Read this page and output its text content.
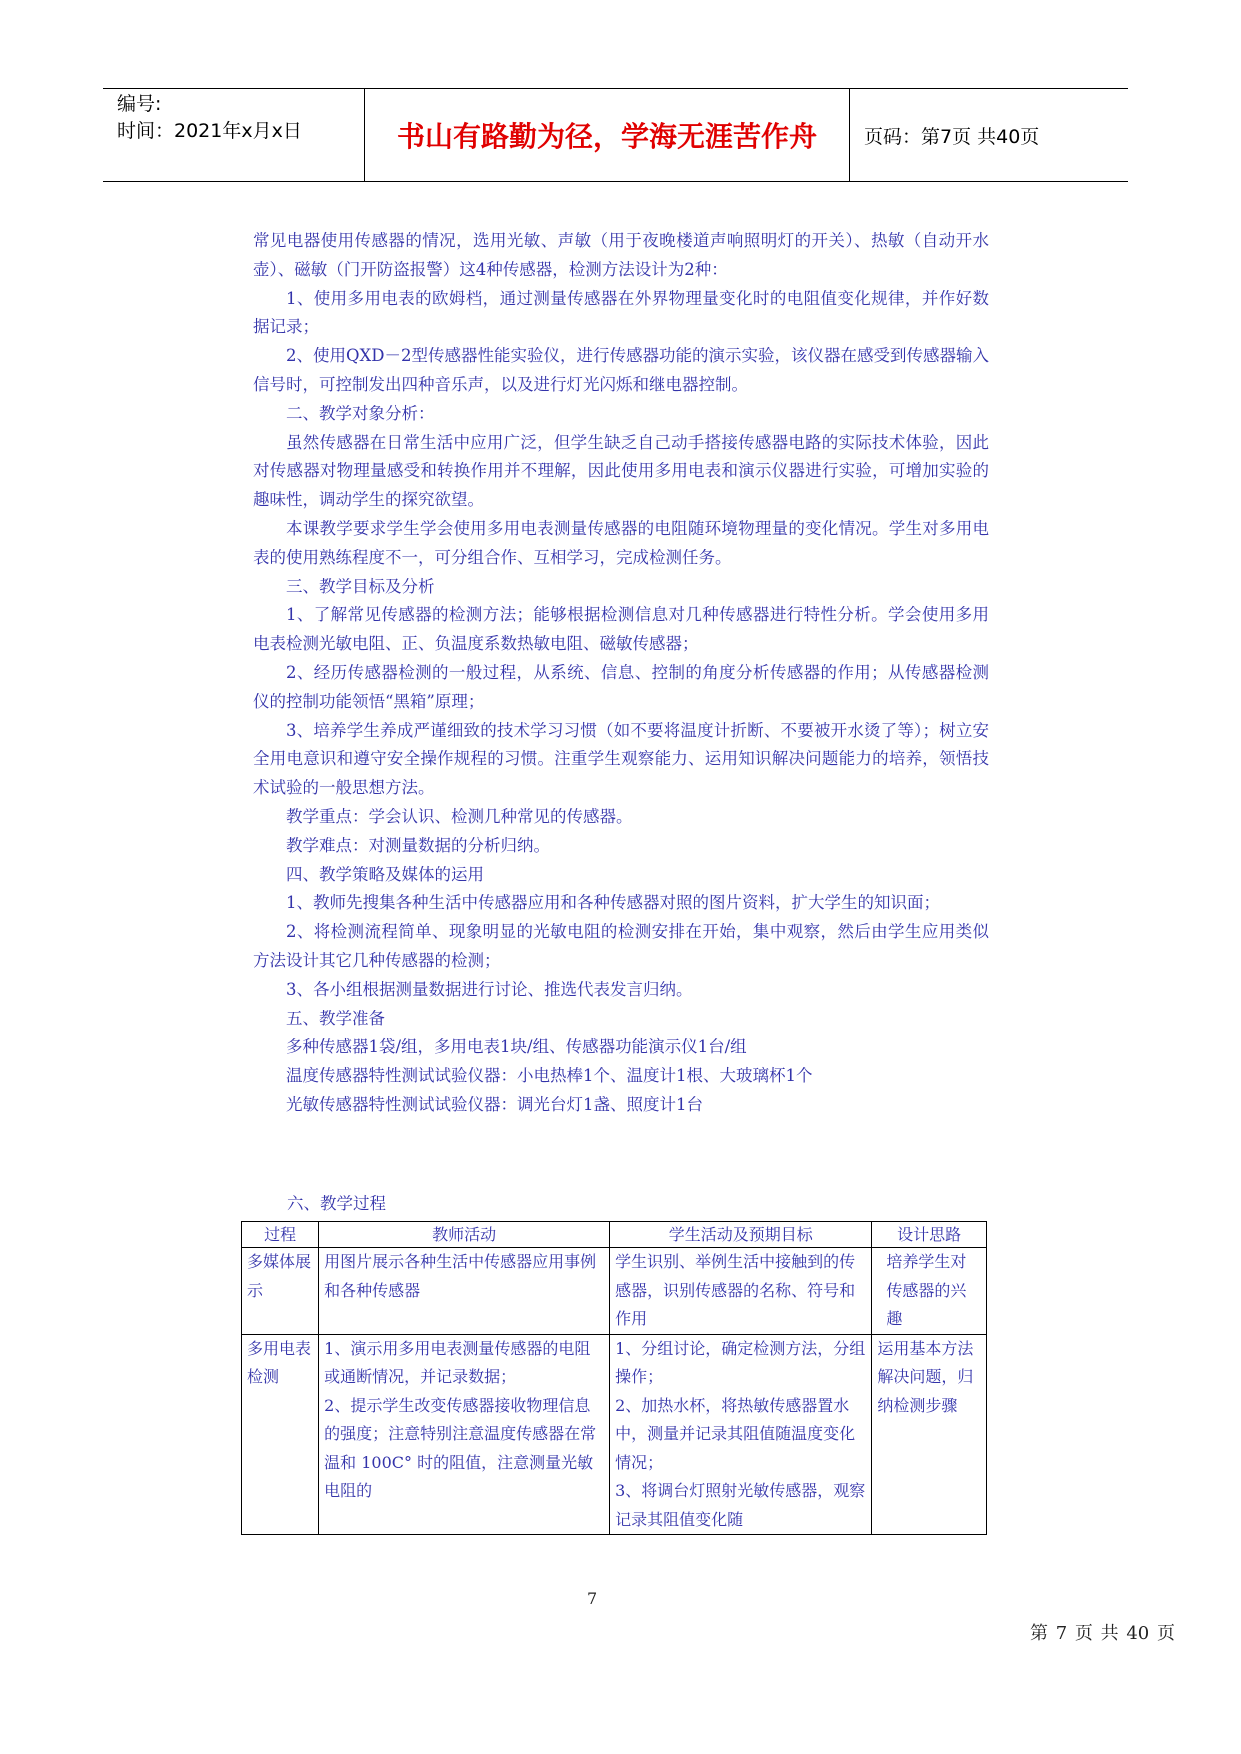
编号:
时间：2021年x月x日	书山有路勤为径，学海无涯苦作舟	页码：第7页 共40页

常见电器使用传感器的情况，选用光敏、声敏（用于夜晚楼道声响照明灯的开关）、热敏（自动开水壶）、磁敏（门开防盗报警）这4种传感器，检测方法设计为2种：

1、使用多用电表的欧姆档，通过测量传感器在外界物理量变化时的电阻值变化规律，并作好数据记录；

2、使用QXD－2型传感器性能实验仪，进行传感器功能的演示实验，该仪器在感受到传感器输入信号时，可控制发出四种音乐声，以及进行灯光闪烁和继电器控制。

二、教学对象分析：

虽然传感器在日常生活中应用广泛，但学生缺乏自己动手搭接传感器电路的实际技术体验，因此对传感器对物理量感受和转换作用并不理解，因此使用多用电表和演示仪器进行实验，可增加实验的趣味性，调动学生的探究欲望。

本课教学要求学生学会使用多用电表测量传感器的电阻随环境物理量的变化情况。学生对多用电表的使用熟练程度不一，可分组合作、互相学习，完成检测任务。

三、教学目标及分析

1、了解常见传感器的检测方法；能够根据检测信息对几种传感器进行特性分析。学会使用多用电表检测光敏电阻、正、负温度系数热敏电阻、磁敏传感器；

2、经历传感器检测的一般过程，从系统、信息、控制的角度分析传感器的作用；从传感器检测仪的控制功能领悟“黑箱”原理；

3、培养学生养成严谨细致的技术学习习惯（如不要将温度计折断、不要被开水烫了等）；树立安全用电意识和遵守安全操作规程的习惯。注重学生观察能力、运用知识解决问题能力的培养，领悟技术试验的一般思想方法。

教学重点：学会认识、检测几种常见的传感器。

教学难点：对测量数据的分析归纳。

四、教学策略及媒体的运用

1、教师先搜集各种生活中传感器应用和各种传感器对照的图片资料，扩大学生的知识面；

2、将检测流程简单、现象明显的光敏电阻的检测安排在开始，集中观察，然后由学生应用类似方法设计其它几种传感器的检测；

3、各小组根据测量数据进行讨论、推选代表发言归纳。

五、教学准备

多种传感器1袋/组，多用电表1块/组、传感器功能演示仪1台/组

温度传感器特性测试试验仪器：小电热棒1个、温度计1根、大玻璃杯1个

光敏传感器特性测试试验仪器：调光台灯1盏、照度计1台

六、教学过程
过程	教师活动	学生活动及预期目标	设计思路
多媒体展示	用图片展示各种生活中传感器应用事例和各种传感器	学生识别、举例生活中接触到的传感器，识别传感器的名称、符号和作用	培养学生对传感器的兴趣
多用电表检测	1、演示用多用电表测量传感器的电阻或通断情况，并记录数据；
2、提示学生改变传感器接收物理信息的强度；注意特别注意温度传感器在常温和 100C° 时的阻值，注意测量光敏电阻的	1、分组讨论，确定检测方法，分组操作；
2、加热水杯，将热敏传感器置水中，测量并记录其阻值随温度变化情况；
3、将调台灯照射光敏传感器，观察记录其阻值变化随	运用基本方法解决问题，归纳检测步骤
7
第 7 页 共 40 页
